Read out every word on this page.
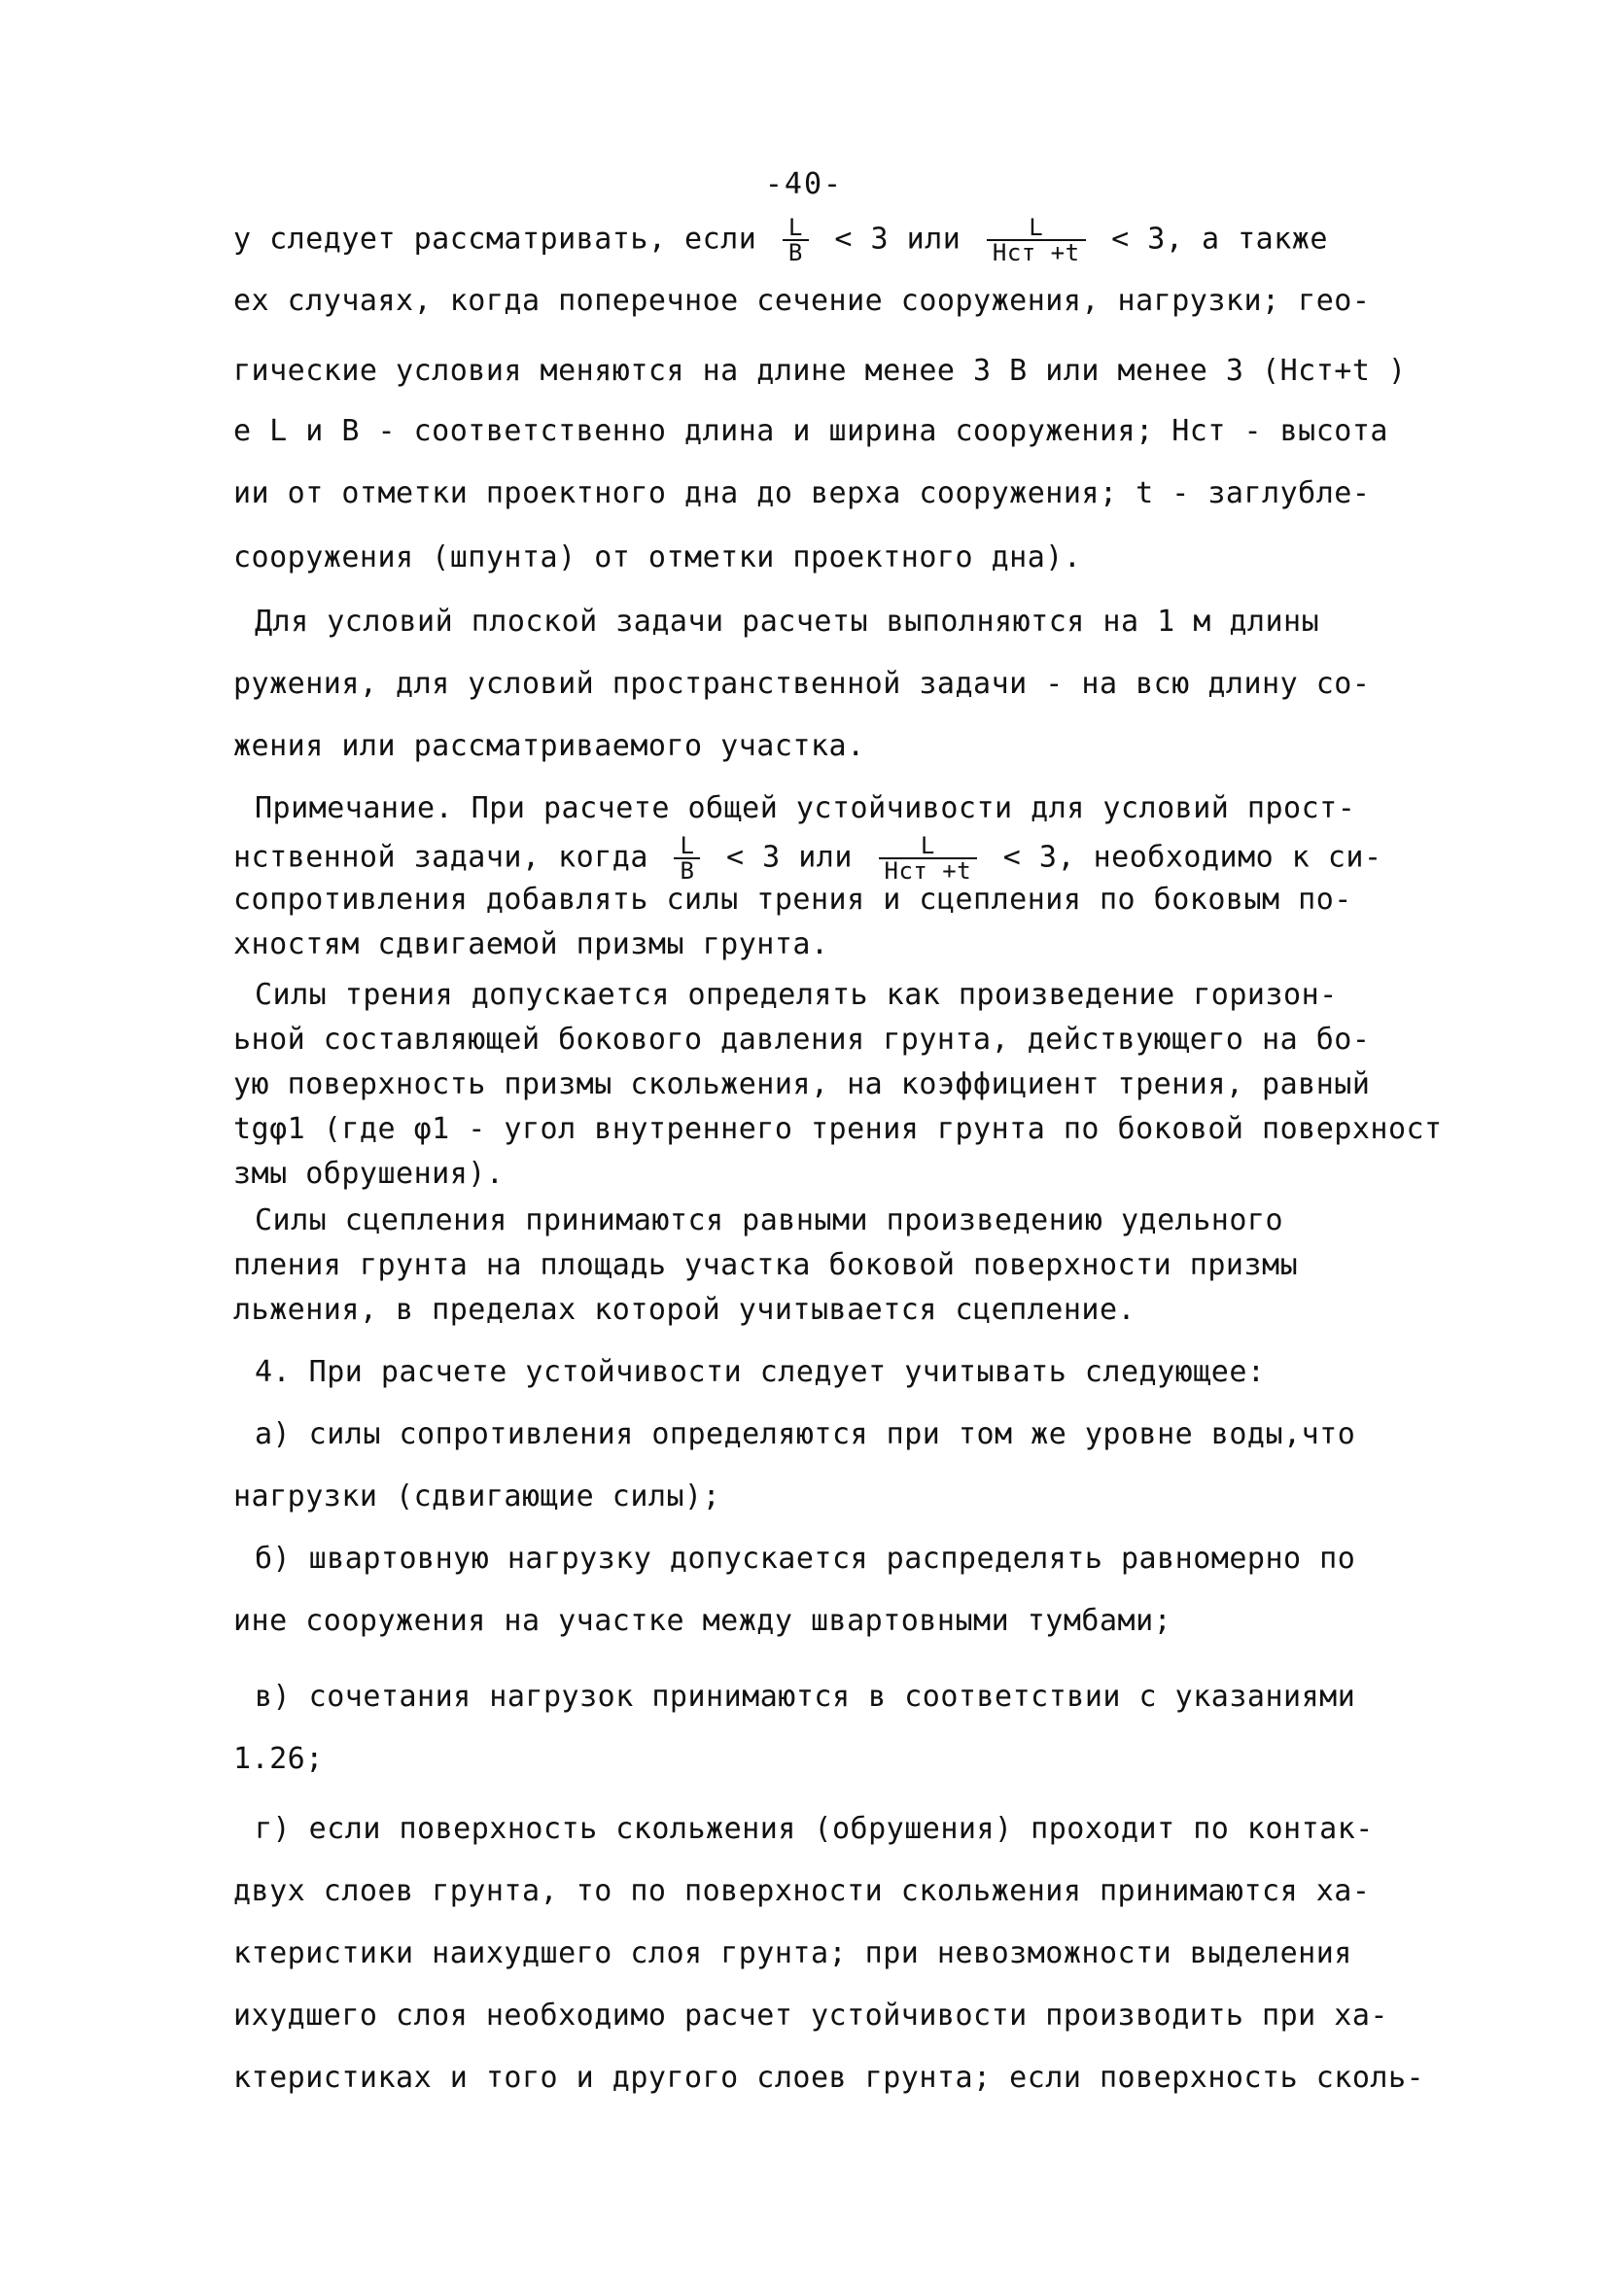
-40-
у следует рассматривать, если $\frac{L}{B} < 3$ или $\frac{L}{\text{Hст +t}} < 3$, а также
ех случаях, когда поперечное сечение сооружения, нагрузки; гео-
гические условия меняются на длине менее 3 B или менее 3 (Hст+t )
е L и B - соответственно длина и ширина сооружения; Hст - высота
ии от отметки проектного дна до верха сооружения; t - заглубле-
сооружения (шпунта) от отметки проектного дна).
Для условий плоской задачи расчеты выполняются на 1 м длины
ружения, для условий пространственной задачи - на всю длину со-
жения или рассматриваемого участка.
Примечание. При расчете общей устойчивости для условий прост-
нственной задачи, когда $\frac{L}{B} < 3$ или $\frac{L}{\text{Hст +t}} < 3$, необходимо к си-
сопротивления добавлять силы трения и сцепления по боковым по-
хностям сдвигаемой призмы грунта.
Силы трения допускается определять как произведение горизон-
ьной составляющей бокового давления грунта, действующего на бо-
ую поверхность призмы скольжения, на коэффициент трения, равный
tgφ1 (где φ1 - угол внутреннего трения грунта по боковой поверхност
змы обрушения).
Силы сцепления принимаются равными произведению удельного
пления грунта на площадь участка боковой поверхности призмы
льжения, в пределах которой учитывается сцепление.
4. При расчете устойчивости следует учитывать следующее:
а) силы сопротивления определяются при том же уровне воды,что
нагрузки (сдвигающие силы);
б) швартовную нагрузку допускается распределять равномерно по
ине сооружения на участке между швартовными тумбами;
в) сочетания нагрузок принимаются в соответствии с указаниями
1.26;
г) если поверхность скольжения (обрушения) проходит по контак-
двух слоев грунта, то по поверхности скольжения принимаются ха-
ктеристики наихудшего слоя грунта; при невозможности выделения
ихудшего слоя необходимо расчет устойчивости производить при ха-
ктеристиках и того и другого слоев грунта; если поверхность сколь-
